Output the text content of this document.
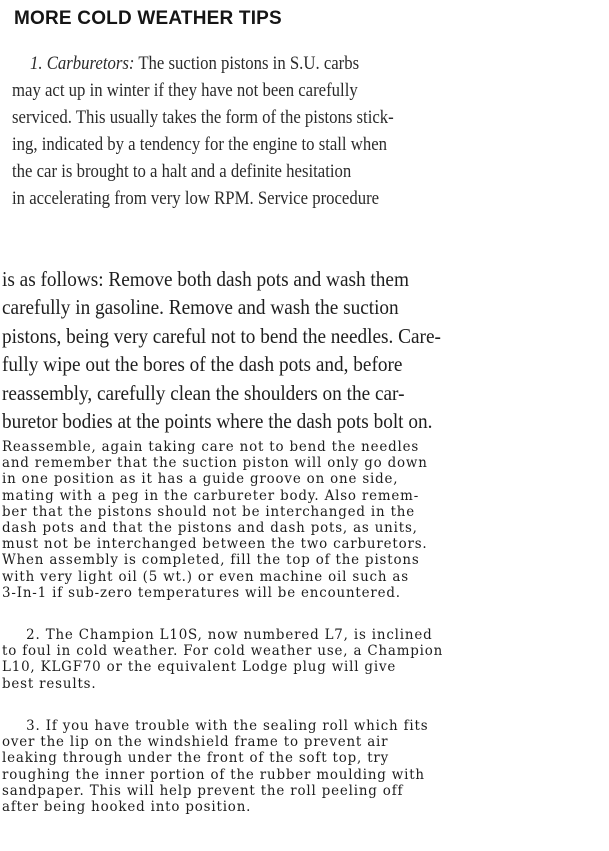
MORE COLD WEATHER TIPS
1. Carburetors: The suction pistons in S.U. carbs
may act up in winter if they have not been carefully
serviced. This usually takes the form of the pistons stick-
ing, indicated by a tendency for the engine to stall when
the car is brought to a halt and a definite hesitation
in accelerating from very low RPM. Service procedure
is as follows: Remove both dash pots and wash them
carefully in gasoline. Remove and wash the suction
pistons, being very careful not to bend the needles. Care-
fully wipe out the bores of the dash pots and, before
reassembly, carefully clean the shoulders on the car-
buretor bodies at the points where the dash pots bolt on.
Reassemble, again taking care not to bend the needles
and remember that the suction piston will only go down
in one position as it has a guide groove on one side,
mating with a peg in the carbureter body. Also remem-
ber that the pistons should not be interchanged in the
dash pots and that the pistons and dash pots, as units,
must not be interchanged between the two carburetors.
When assembly is completed, fill the top of the pistons
with very light oil (5 wt.) or even machine oil such as
3-In-1 if sub-zero temperatures will be encountered.
2. The Champion L10S, now numbered L7, is inclined
to foul in cold weather. For cold weather use, a Champion
L10, KLGF70 or the equivalent Lodge plug will give
best results.
3. If you have trouble with the sealing roll which fits
over the lip on the windshield frame to prevent air
leaking through under the front of the soft top, try
roughing the inner portion of the rubber moulding with
sandpaper. This will help prevent the roll peeling off
after being hooked into position.
